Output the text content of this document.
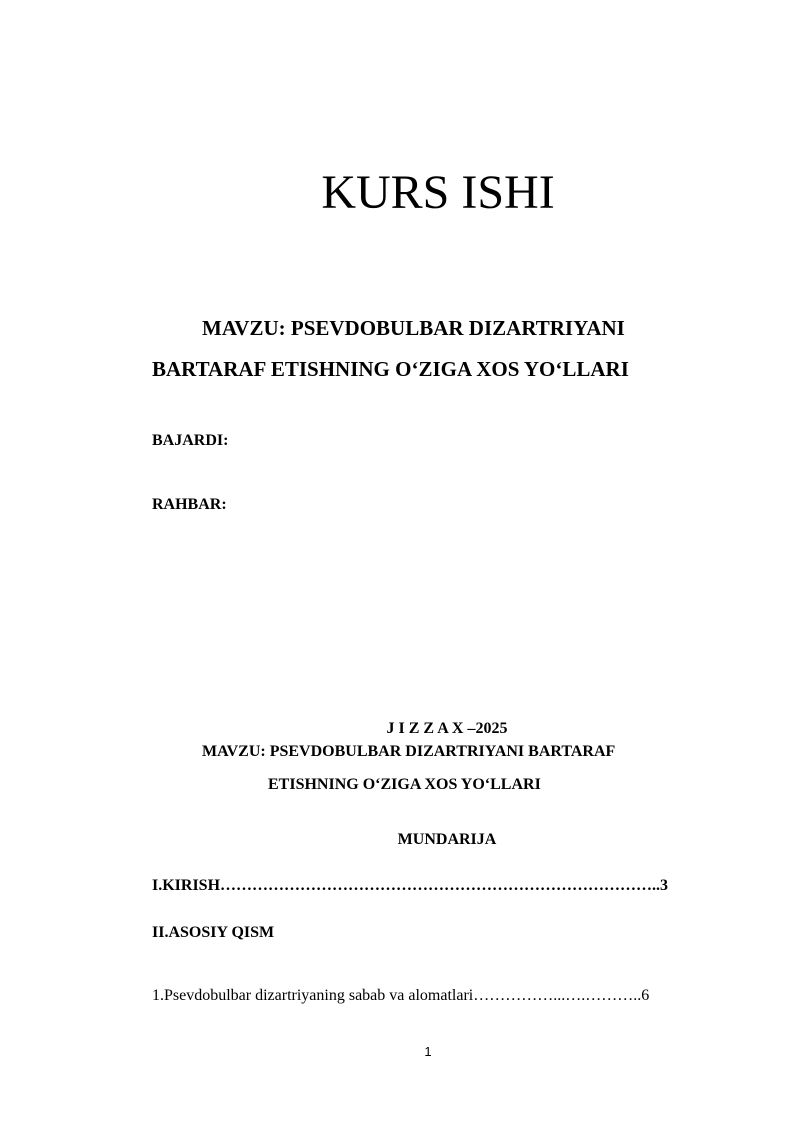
KURS ISHI
MAVZU: PSEVDOBULBAR DIZARTRIYANI
BARTARAF ETISHNING O‘ZIGA XOS YO‘LLARI
BAJARDI:
RAHBAR:
J I Z Z A X –2025
MAVZU: PSEVDOBULBAR DIZARTRIYANI BARTARAF
ETISHNING O‘ZIGA XOS YO‘LLARI
MUNDARIJA
I.KIRISH………………………………………………………………………..3
II.ASOSIY QISM
1.Psevdobulbar dizartriyaning sabab va alomatlari……………...….………..6
1
